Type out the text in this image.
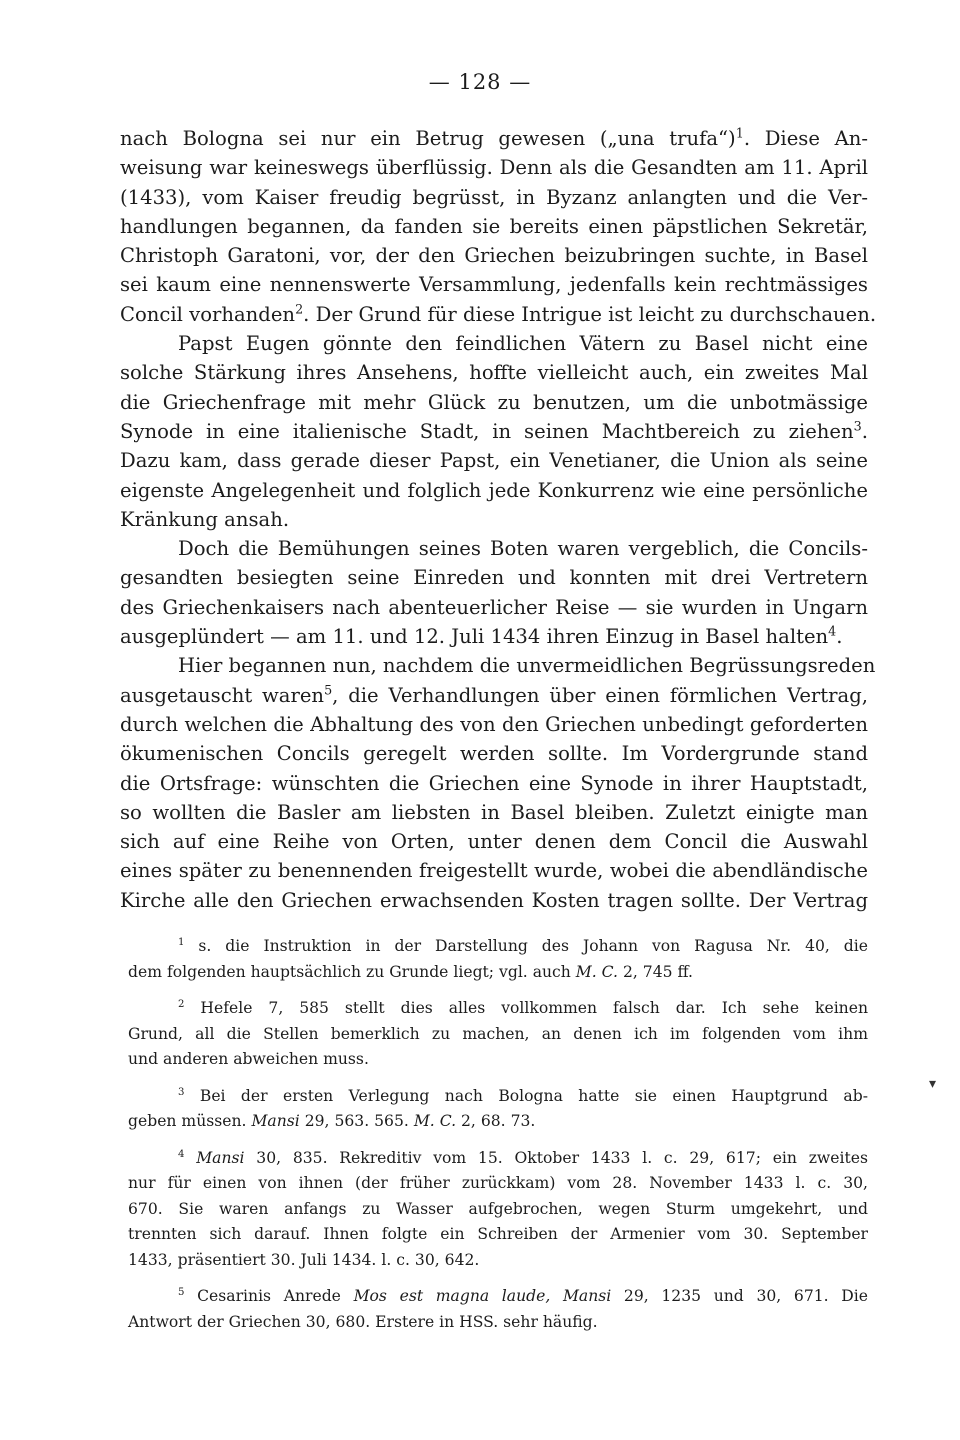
— 128 —
nach Bologna sei nur ein Betrug gewesen („una trufa“)$^1$. Diese An-
weisung war keineswegs überflüssig. Denn als die Gesandten am 11. April
(1433), vom Kaiser freudig begrüsst, in Byzanz anlangten und die Ver-
handlungen begannen, da fanden sie bereits einen päpstlichen Sekretär,
Christoph Garatoni, vor, der den Griechen beizubringen suchte, in Basel
sei kaum eine nennenswerte Versammlung, jedenfalls kein rechtmässiges
Concil vorhanden$^2$. Der Grund für diese Intrigue ist leicht zu durchschauen.
Papst Eugen gönnte den feindlichen Vätern zu Basel nicht eine
solche Stärkung ihres Ansehens, hoffte vielleicht auch, ein zweites Mal
die Griechenfrage mit mehr Glück zu benutzen, um die unbotmässige
Synode in eine italienische Stadt, in seinen Machtbereich zu ziehen$^3$.
Dazu kam, dass gerade dieser Papst, ein Venetianer, die Union als seine
eigenste Angelegenheit und folglich jede Konkurrenz wie eine persönliche
Kränkung ansah.
Doch die Bemühungen seines Boten waren vergeblich, die Concils-
gesandten besiegten seine Einreden und konnten mit drei Vertretern
des Griechenkaisers nach abenteuerlicher Reise — sie wurden in Ungarn
ausgeplündert — am 11. und 12. Juli 1434 ihren Einzug in Basel halten$^4$.
Hier begannen nun, nachdem die unvermeidlichen Begrüssungsreden
ausgetauscht waren$^5$, die Verhandlungen über einen förmlichen Vertrag,
durch welchen die Abhaltung des von den Griechen unbedingt geforderten
ökumenischen Concils geregelt werden sollte. Im Vordergrunde stand
die Ortsfrage: wünschten die Griechen eine Synode in ihrer Hauptstadt,
so wollten die Basler am liebsten in Basel bleiben. Zuletzt einigte man
sich auf eine Reihe von Orten, unter denen dem Concil die Auswahl
eines später zu benennenden freigestellt wurde, wobei die abendländische
Kirche alle den Griechen erwachsenden Kosten tragen sollte. Der Vertrag
$^1$ s. die Instruktion in der Darstellung des Johann von Ragusa Nr. 40, die
dem folgenden hauptsächlich zu Grunde liegt; vgl. auch M. C. 2, 745 ff.
$^2$ Hefele 7, 585 stellt dies alles vollkommen falsch dar. Ich sehe keinen
Grund, all die Stellen bemerklich zu machen, an denen ich im folgenden vom ihm
und anderen abweichen muss.
$^3$ Bei der ersten Verlegung nach Bologna hatte sie einen Hauptgrund ab-
geben müssen. Mansi 29, 563. 565. M. C. 2, 68. 73.
$^4$ Mansi 30, 835. Rekreditiv vom 15. Oktober 1433 l. c. 29, 617; ein zweites
nur für einen von ihnen (der früher zurückkam) vom 28. November 1433 l. c. 30,
670. Sie waren anfangs zu Wasser aufgebrochen, wegen Sturm umgekehrt, und
trennten sich darauf. Ihnen folgte ein Schreiben der Armenier vom 30. September
1433, präsentiert 30. Juli 1434. l. c. 30, 642.
$^5$ Cesarinis Anrede Mos est magna laude, Mansi 29, 1235 und 30, 671. Die
Antwort der Griechen 30, 680. Erstere in HSS. sehr häufig.
▾
